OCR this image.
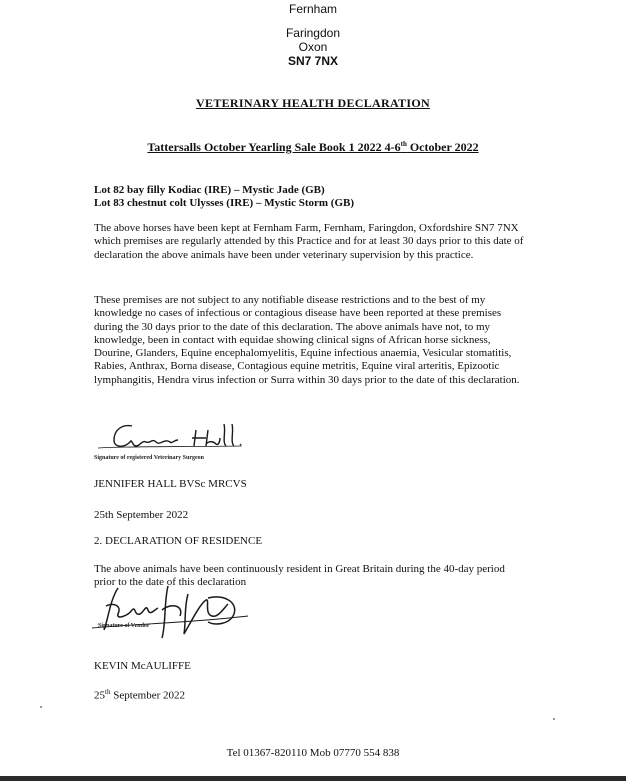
Fernham
Faringdon
Oxon
SN7 7NX
VETERINARY HEALTH DECLARATION
Tattersalls October Yearling Sale Book 1 2022 4-6th October 2022
Lot 82 bay filly Kodiac (IRE) – Mystic Jade (GB)
Lot 83 chestnut colt Ulysses (IRE) – Mystic Storm (GB)

The above horses have been kept at Fernham Farm, Fernham, Faringdon, Oxfordshire SN7 7NX which premises are regularly attended by this Practice and for at least 30 days prior to this date of declaration the above animals have been under veterinary supervision by this practice.

These premises are not subject to any notifiable disease restrictions and to the best of my knowledge no cases of infectious or contagious disease have been reported at these premises during the 30 days prior to the date of this declaration. The above animals have not, to my knowledge, been in contact with equidae showing clinical signs of African horse sickness, Dourine, Glanders, Equine encephalomyelitis, Equine infectious anaemia, Vesicular stomatitis, Rabies, Anthrax, Borna disease, Contagious equine metritis, Equine viral arteritis, Epizootic lymphangitis, Hendra virus infection or Surra within 30 days prior to the date of this declaration.

Signature of registered Veterinary Surgeon
JENNIFER HALL BVSc MRCVS
25th September 2022
2. DECLARATION OF RESIDENCE

The above animals have been continuously resident in Great Britain during the 40-day period prior to the date of this declaration

Signature of Vendor
KEVIN McAULIFFE
25th September 2022
Tel 01367-820110 Mob 07770 554 838
